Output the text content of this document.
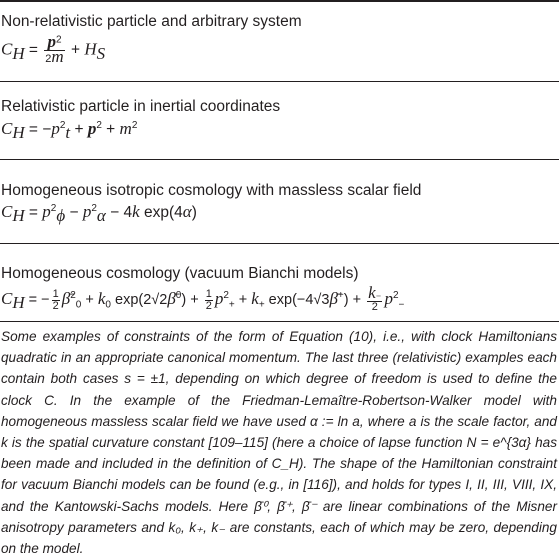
Non-relativistic particle and arbitrary system
$C_H = \frac{p^2}{2m} + H_S$
Relativistic particle in inertial coordinates
$C_H = -p^2_t + p^2 + m^2$
Homogeneous isotropic cosmology with massless scalar field
$C_H = p^2_\phi - p^2_\alpha - 4k$ exp(4α)
Homogeneous cosmology (vacuum Bianchi models)
$C_H$ = − $\frac{1}{2}$ β̄$^2_0$ + $k_0$ exp(2√2β̄$^0$) + $\frac{1}{2} p^2_+ + k_+$ exp(−4√3β̄+) + $\frac{k_-}{2} p^2_-$
Some examples of constraints of the form of Equation (10), i.e., with clock Hamiltonians quadratic in an appropriate canonical momentum. The last three (relativistic) examples each contain both cases s = ±1, depending on which degree of freedom is used to define the clock C. In the example of the Friedman-Lemaître-Robertson-Walker model with homogeneous massless scalar field we have used α := ln a, where a is the scale factor, and k is the spatial curvature constant [109–115] (here a choice of lapse function N = e^{3α} has been made and included in the definition of C_H). The shape of the Hamiltonian constraint for vacuum Bianchi models can be found (e.g., in [116]), and holds for types I, II, III, VIII, IX, and the Kantowski-Sachs models. Here β̄⁰, β̄⁺, β̄⁻ are linear combinations of the Misner anisotropy parameters and k₀, k₊, k₋ are constants, each of which may be zero, depending on the model.
